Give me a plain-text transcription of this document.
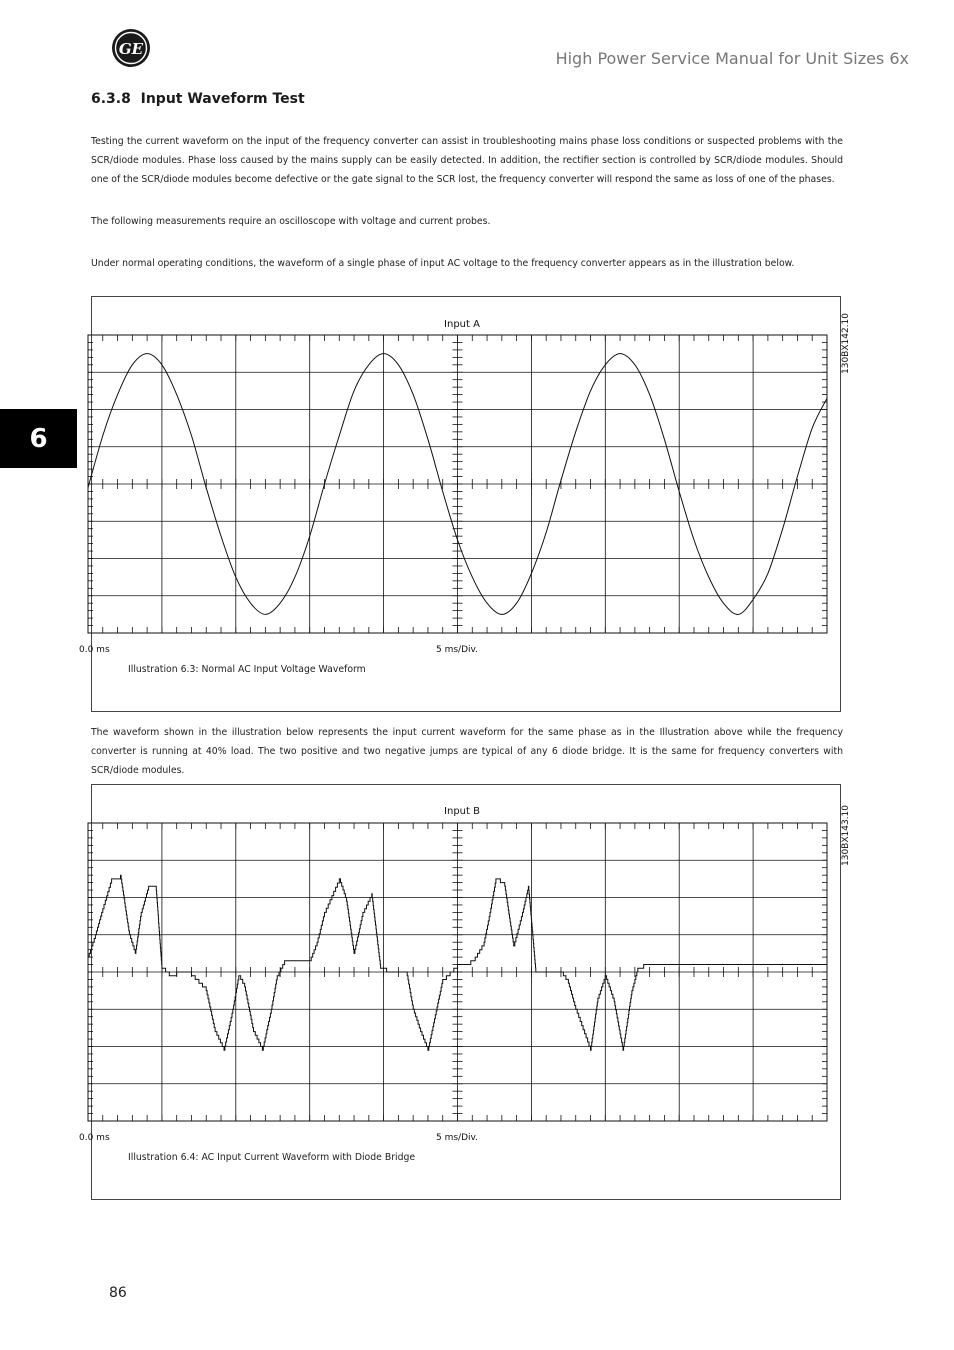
GE	High Power Service Manual for Unit Sizes 6x
6.3.8 Input Waveform Test
Testing the current waveform on the input of the frequency converter can assist in troubleshooting mains phase loss conditions or suspected problems with the SCR/diode modules. Phase loss caused by the mains supply can be easily detected. In addition, the rectifier section is controlled by SCR/diode modules. Should one of the SCR/diode modules become defective or the gate signal to the SCR lost, the frequency converter will respond the same as loss of one of the phases.
The following measurements require an oscilloscope with voltage and current probes.
Under normal operating conditions, the waveform of a single phase of input AC voltage to the frequency converter appears as in the illustration below.
6
Input A	130BX142.10
0.0 ms	5 ms/Div.
Illustration 6.3: Normal AC Input Voltage Waveform
The waveform shown in the illustration below represents the input current waveform for the same phase as in the Illustration above while the frequency converter is running at 40% load. The two positive and two negative jumps are typical of any 6 diode bridge. It is the same for frequency converters with SCR/diode modules.
Input B	130BX143.10
0.0 ms	5 ms/Div.
Illustration 6.4: AC Input Current Waveform with Diode Bridge
86
